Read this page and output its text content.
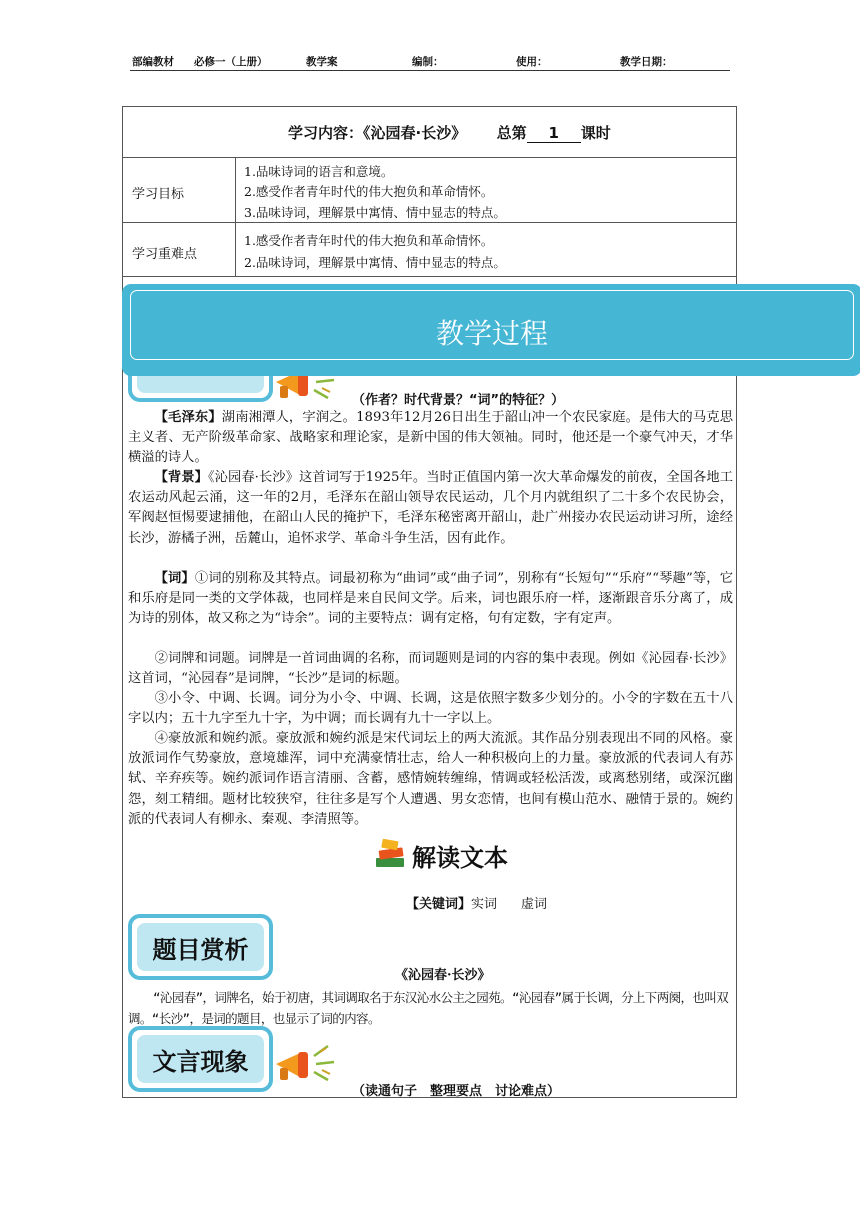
部编教材 必修一（上册）	教学案	编制：	使用：	教学日期：
学习内容：《沁园春·长沙》 总第 1 课时
学习目标
1.品味诗词的语言和意境。
2.感受作者青年时代的伟大抱负和革命情怀。
3.品味诗词，理解景中寓情、情中显志的特点。
学习重难点
1.感受作者青年时代的伟大抱负和革命情怀。
2.品味诗词，理解景中寓情、情中显志的特点。
教学过程
（作者？时代背景？“词”的特征？）

【毛泽东】湖南湘潭人，字润之。1893年12月26日出生于韶山冲一个农民家庭。是伟大的马克思主义者、无产阶级革命家、战略家和理论家，是新中国的伟大领袖。同时，他还是一个豪气冲天，才华横溢的诗人。

【背景】《沁园春·长沙》这首词写于1925年。当时正值国内第一次大革命爆发的前夜，全国各地工农运动风起云涌，这一年的2月，毛泽东在韶山领导农民运动，几个月内就组织了二十多个农民协会，军阀赵恒惕要逮捕他，在韶山人民的掩护下，毛泽东秘密离开韶山，赴广州接办农民运动讲习所，途经长沙，游橘子洲，岳麓山，追怀求学、革命斗争生活，因有此作。

【词】①词的别称及其特点。词最初称为“曲词”或“曲子词”，别称有“长短句”“乐府”“琴趣”等，它和乐府是同一类的文学体裁，也同样是来自民间文学。后来，词也跟乐府一样，逐渐跟音乐分离了，成为诗的别体，故又称之为“诗余”。词的主要特点：调有定格，句有定数，字有定声。

②词牌和词题。词牌是一首词曲调的名称，而词题则是词的内容的集中表现。例如《沁园春·长沙》这首词，“沁园春”是词牌，“长沙”是词的标题。

③小令、中调、长调。词分为小令、中调、长调，这是依照字数多少划分的。小令的字数在五十八字以内；五十九字至九十字，为中调；而长调有九十一字以上。

④豪放派和婉约派。豪放派和婉约派是宋代词坛上的两大流派。其作品分别表现出不同的风格。豪放派词作气势豪放，意境雄浑，词中充满豪情壮志，给人一种积极向上的力量。豪放派的代表词人有苏轼、辛弃疾等。婉约派词作语言清丽、含蓄，感情婉转缠绵，情调或轻松活泼，或离愁别绪，或深沉幽怨，刻工精细。题材比较狭窄，往往多是写个人遭遇、男女恋情，也间有模山范水、融情于景的。婉约派的代表词人有柳永、秦观、李清照等。

解读文本
【关键词】实词 虚词
题目赏析
《沁园春·长沙》

“沁园春”，词牌名，始于初唐，其词调取名于东汉沁水公主之园苑。“沁园春”属于长调，分上下两阕，也叫双调。“长沙”，是词的题目，也显示了词的内容。

文言现象
（读通句子　整理要点　讨论难点）
